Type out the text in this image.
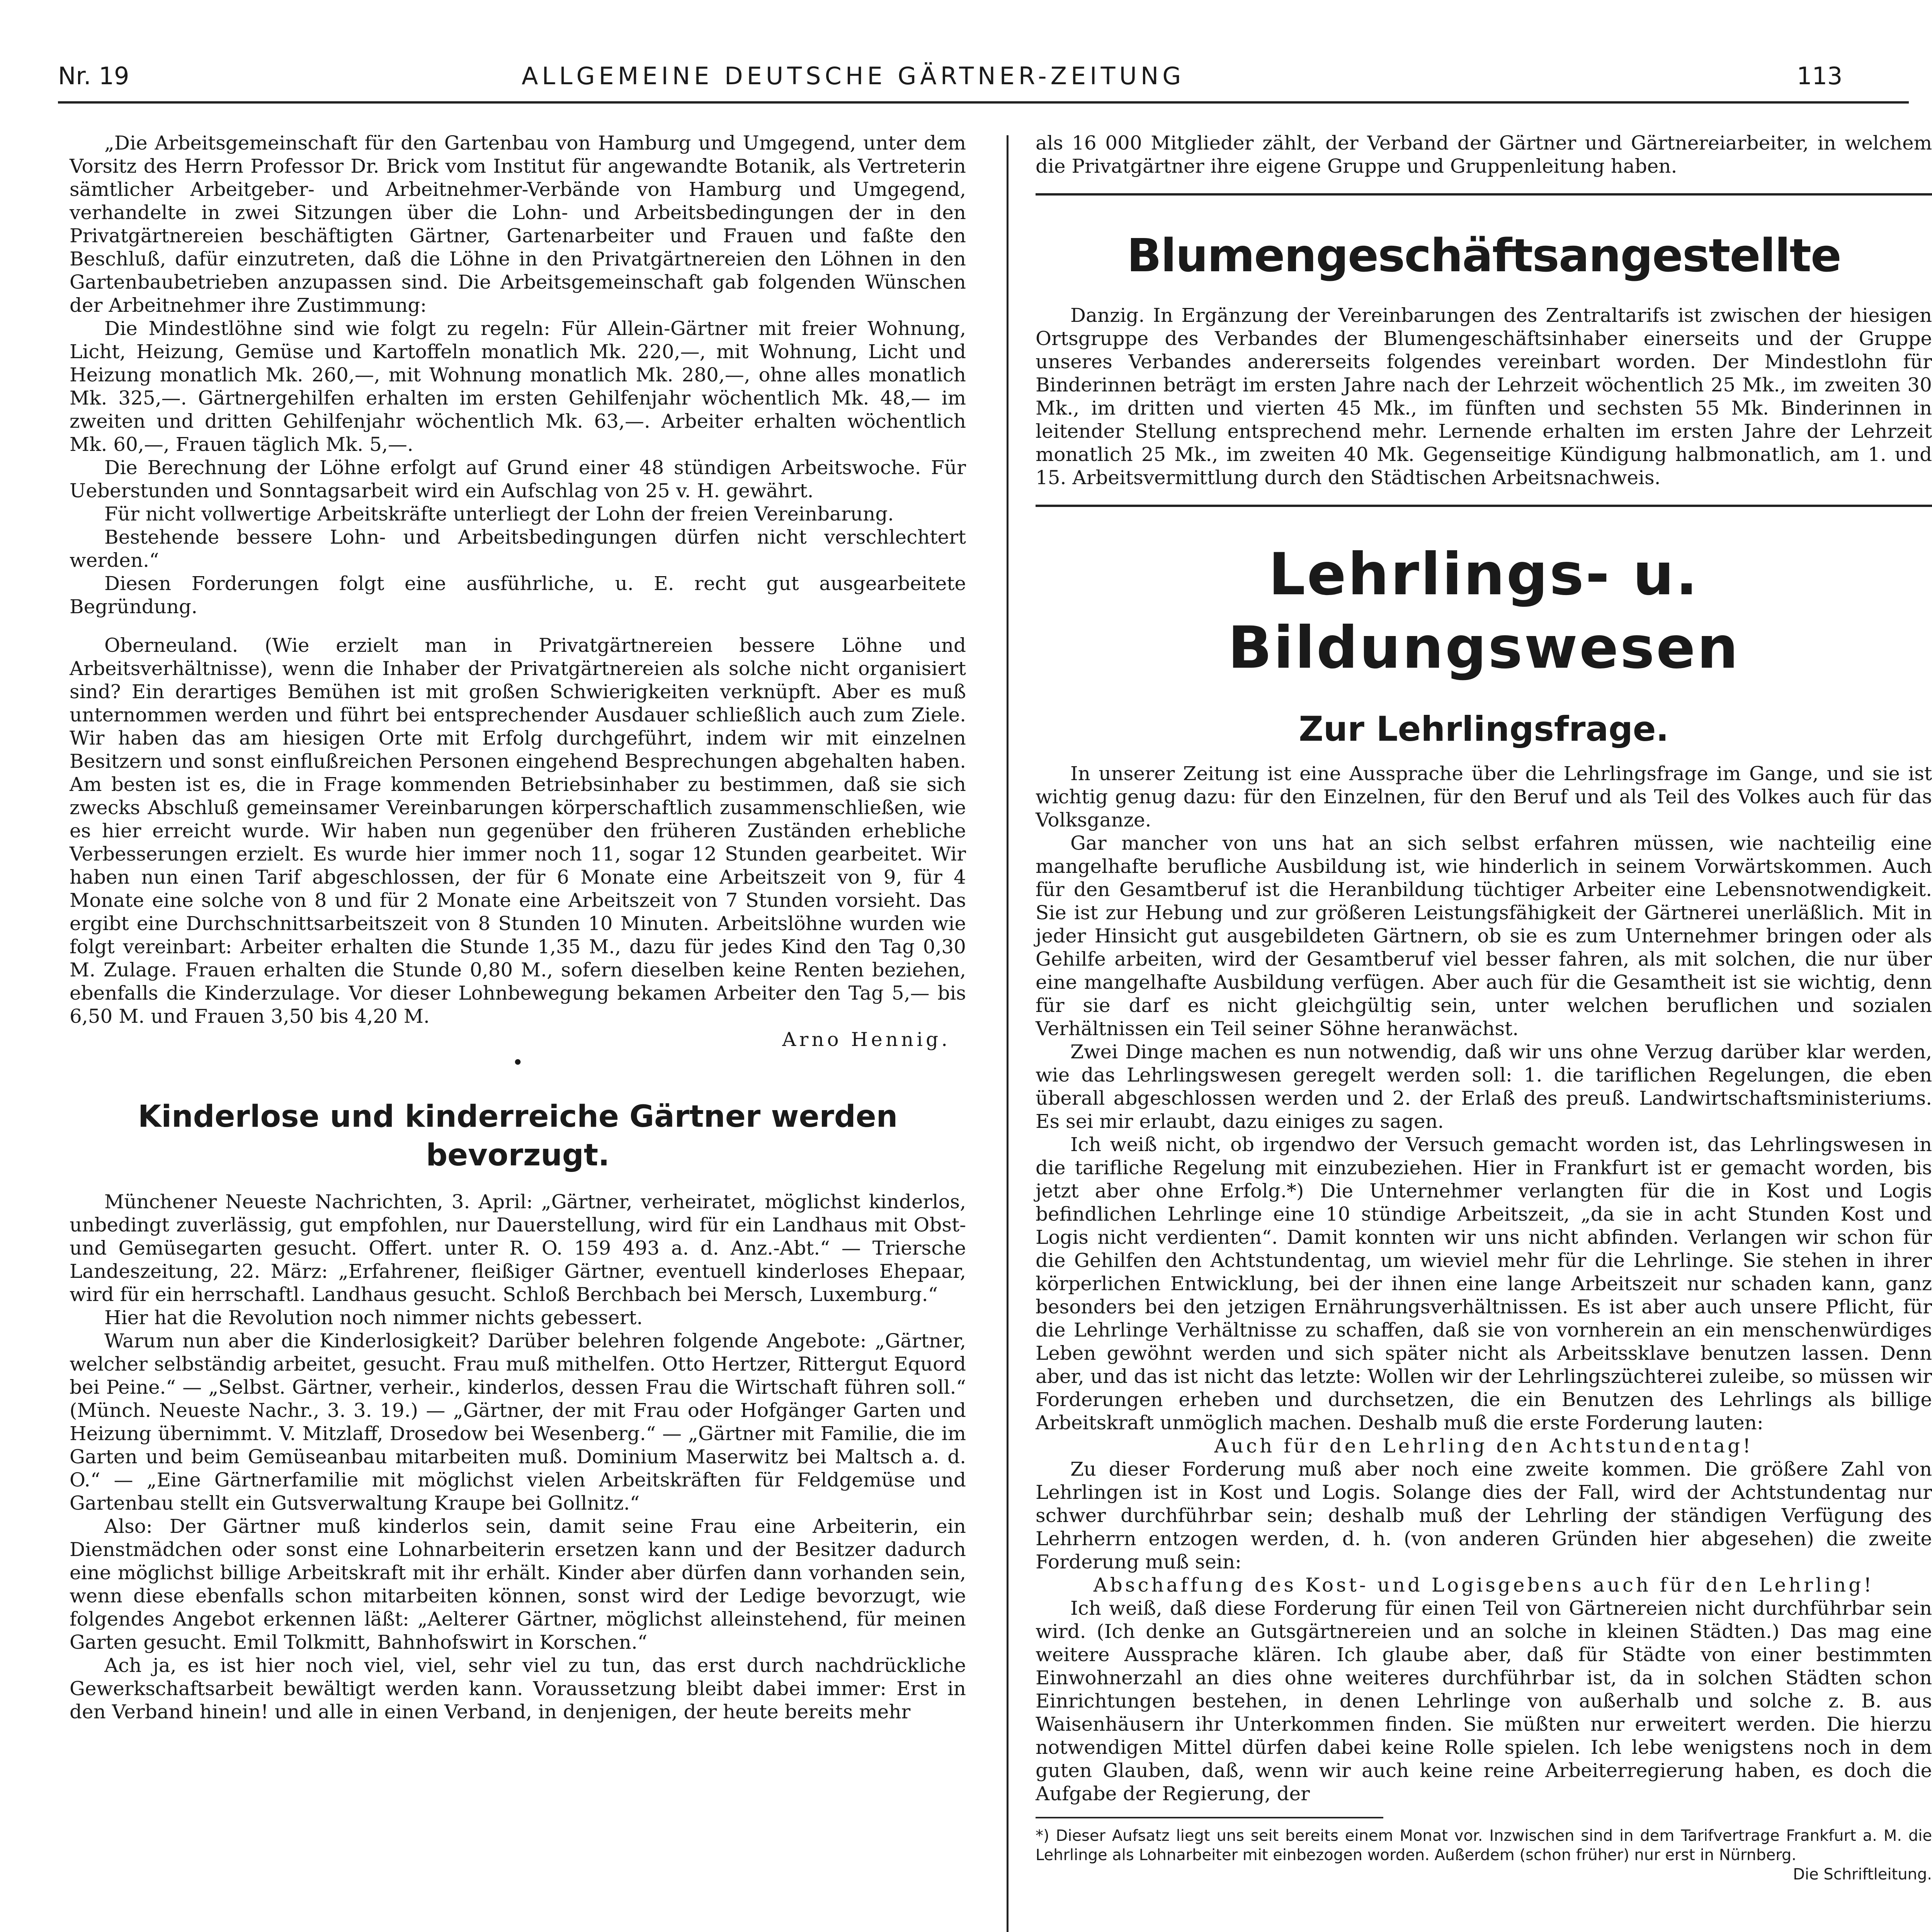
Nr. 19	ALLGEMEINE DEUTSCHE GÄRTNER-ZEITUNG	113

„Die Arbeitsgemeinschaft für den Gartenbau von Hamburg und Umgegend, unter dem Vorsitz des Herrn Professor Dr. Brick vom Institut für angewandte Botanik, als Vertreterin sämtlicher Arbeitgeber- und Arbeitnehmer-Verbände von Hamburg und Umgegend, verhandelte in zwei Sitzungen über die Lohn- und Arbeitsbedingungen der in den Privatgärtnereien beschäftigten Gärtner, Gartenarbeiter und Frauen und faßte den Beschluß, dafür einzutreten, daß die Löhne in den Privatgärtnereien den Löhnen in den Gartenbaubetrieben anzupassen sind. Die Arbeitsgemeinschaft gab folgenden Wünschen der Arbeitnehmer ihre Zustimmung:

Die Mindestlöhne sind wie folgt zu regeln: Für Allein-Gärtner mit freier Wohnung, Licht, Heizung, Gemüse und Kartoffeln monatlich Mk. 220,—, mit Wohnung, Licht und Heizung monatlich Mk. 260,—, mit Wohnung monatlich Mk. 280,—, ohne alles monatlich Mk. 325,—. Gärtnergehilfen erhalten im ersten Gehilfenjahr wöchentlich Mk. 48,— im zweiten und dritten Gehilfenjahr wöchentlich Mk. 63,—. Arbeiter erhalten wöchentlich Mk. 60,—, Frauen täglich Mk. 5,—.

Die Berechnung der Löhne erfolgt auf Grund einer 48 stündigen Arbeitswoche. Für Ueberstunden und Sonntagsarbeit wird ein Aufschlag von 25 v. H. gewährt.

Für nicht vollwertige Arbeitskräfte unterliegt der Lohn der freien Vereinbarung.

Bestehende bessere Lohn- und Arbeitsbedingungen dürfen nicht verschlechtert werden.“

Diesen Forderungen folgt eine ausführliche, u. E. recht gut ausgearbeitete Begründung.

Oberneuland. (Wie erzielt man in Privatgärtnereien bessere Löhne und Arbeitsverhältnisse), wenn die Inhaber der Privatgärtnereien als solche nicht organisiert sind? Ein derartiges Bemühen ist mit großen Schwierigkeiten verknüpft. Aber es muß unternommen werden und führt bei entsprechender Ausdauer schließlich auch zum Ziele. Wir haben das am hiesigen Orte mit Erfolg durchgeführt, indem wir mit einzelnen Besitzern und sonst einflußreichen Personen eingehend Besprechungen abgehalten haben. Am besten ist es, die in Frage kommenden Betriebsinhaber zu bestimmen, daß sie sich zwecks Abschluß gemeinsamer Vereinbarungen körperschaftlich zusammenschließen, wie es hier erreicht wurde. Wir haben nun gegenüber den früheren Zuständen erhebliche Verbesserungen erzielt. Es wurde hier immer noch 11, sogar 12 Stunden gearbeitet. Wir haben nun einen Tarif abgeschlossen, der für 6 Monate eine Arbeitszeit von 9, für 4 Monate eine solche von 8 und für 2 Monate eine Arbeitszeit von 7 Stunden vorsieht. Das ergibt eine Durchschnittsarbeitszeit von 8 Stunden 10 Minuten. Arbeitslöhne wurden wie folgt vereinbart: Arbeiter erhalten die Stunde 1,35 M., dazu für jedes Kind den Tag 0,30 M. Zulage. Frauen erhalten die Stunde 0,80 M., sofern dieselben keine Renten beziehen, ebenfalls die Kinderzulage. Vor dieser Lohnbewegung bekamen Arbeiter den Tag 5,— bis 6,50 M. und Frauen 3,50 bis 4,20 M.

Arno Hennig.

•

Kinderlose und kinderreiche Gärtner werden bevorzugt.

Münchener Neueste Nachrichten, 3. April: „Gärtner, verheiratet, möglichst kinderlos, unbedingt zuverlässig, gut empfohlen, nur Dauerstellung, wird für ein Landhaus mit Obst- und Gemüsegarten gesucht. Offert. unter R. O. 159 493 a. d. Anz.-Abt.“ — Triersche Landeszeitung, 22. März: „Erfahrener, fleißiger Gärtner, eventuell kinderloses Ehepaar, wird für ein herrschaftl. Landhaus gesucht. Schloß Berchbach bei Mersch, Luxemburg.“

Hier hat die Revolution noch nimmer nichts gebessert.

Warum nun aber die Kinderlosigkeit? Darüber belehren folgende Angebote: „Gärtner, welcher selbständig arbeitet, gesucht. Frau muß mithelfen. Otto Hertzer, Rittergut Equord bei Peine.“ — „Selbst. Gärtner, verheir., kinderlos, dessen Frau die Wirtschaft führen soll.“ (Münch. Neueste Nachr., 3. 3. 19.) — „Gärtner, der mit Frau oder Hofgänger Garten und Heizung übernimmt. V. Mitzlaff, Drosedow bei Wesenberg.“ — „Gärtner mit Familie, die im Garten und beim Gemüseanbau mitarbeiten muß. Dominium Maserwitz bei Maltsch a. d. O.“ — „Eine Gärtnerfamilie mit möglichst vielen Arbeitskräften für Feldgemüse und Gartenbau stellt ein Gutsverwaltung Kraupe bei Gollnitz.“

Also: Der Gärtner muß kinderlos sein, damit seine Frau eine Arbeiterin, ein Dienstmädchen oder sonst eine Lohnarbeiterin ersetzen kann und der Besitzer dadurch eine möglichst billige Arbeitskraft mit ihr erhält. Kinder aber dürfen dann vorhanden sein, wenn diese ebenfalls schon mitarbeiten können, sonst wird der Ledige bevorzugt, wie folgendes Angebot erkennen läßt: „Aelterer Gärtner, möglichst alleinstehend, für meinen Garten gesucht. Emil Tolkmitt, Bahnhofswirt in Korschen.“

Ach ja, es ist hier noch viel, viel, sehr viel zu tun, das erst durch nachdrückliche Gewerkschaftsarbeit bewältigt werden kann. Voraussetzung bleibt dabei immer: Erst in den Verband hinein! und alle in einen Verband, in denjenigen, der heute bereits mehr

als 16 000 Mitglieder zählt, der Verband der Gärtner und Gärtnereiarbeiter, in welchem die Privatgärtner ihre eigene Gruppe und Gruppenleitung haben.

Blumengeschäftsangestellte

Danzig. In Ergänzung der Vereinbarungen des Zentraltarifs ist zwischen der hiesigen Ortsgruppe des Verbandes der Blumengeschäftsinhaber einerseits und der Gruppe unseres Verbandes andererseits folgendes vereinbart worden. Der Mindestlohn für Binderinnen beträgt im ersten Jahre nach der Lehrzeit wöchentlich 25 Mk., im zweiten 30 Mk., im dritten und vierten 45 Mk., im fünften und sechsten 55 Mk. Binderinnen in leitender Stellung entsprechend mehr. Lernende erhalten im ersten Jahre der Lehrzeit monatlich 25 Mk., im zweiten 40 Mk. Gegenseitige Kündigung halbmonatlich, am 1. und 15. Arbeitsvermittlung durch den Städtischen Arbeitsnachweis.

Lehrlings- u. Bildungswesen
Zur Lehrlingsfrage.

In unserer Zeitung ist eine Aussprache über die Lehrlingsfrage im Gange, und sie ist wichtig genug dazu: für den Einzelnen, für den Beruf und als Teil des Volkes auch für das Volksganze.

Gar mancher von uns hat an sich selbst erfahren müssen, wie nachteilig eine mangelhafte berufliche Ausbildung ist, wie hinderlich in seinem Vorwärtskommen. Auch für den Gesamtberuf ist die Heranbildung tüchtiger Arbeiter eine Lebensnotwendigkeit. Sie ist zur Hebung und zur größeren Leistungsfähigkeit der Gärtnerei unerläßlich. Mit in jeder Hinsicht gut ausgebildeten Gärtnern, ob sie es zum Unternehmer bringen oder als Gehilfe arbeiten, wird der Gesamtberuf viel besser fahren, als mit solchen, die nur über eine mangelhafte Ausbildung verfügen. Aber auch für die Gesamtheit ist sie wichtig, denn für sie darf es nicht gleichgültig sein, unter welchen beruflichen und sozialen Verhältnissen ein Teil seiner Söhne heranwächst.

Zwei Dinge machen es nun notwendig, daß wir uns ohne Verzug darüber klar werden, wie das Lehrlingswesen geregelt werden soll: 1. die tariflichen Regelungen, die eben überall abgeschlossen werden und 2. der Erlaß des preuß. Landwirtschaftsministeriums. Es sei mir erlaubt, dazu einiges zu sagen.

Ich weiß nicht, ob irgendwo der Versuch gemacht worden ist, das Lehrlingswesen in die tarifliche Regelung mit einzubeziehen. Hier in Frankfurt ist er gemacht worden, bis jetzt aber ohne Erfolg.*) Die Unternehmer verlangten für die in Kost und Logis befindlichen Lehrlinge eine 10 stündige Arbeitszeit, „da sie in acht Stunden Kost und Logis nicht verdienten“. Damit konnten wir uns nicht abfinden. Verlangen wir schon für die Gehilfen den Achtstundentag, um wieviel mehr für die Lehrlinge. Sie stehen in ihrer körperlichen Entwicklung, bei der ihnen eine lange Arbeitszeit nur schaden kann, ganz besonders bei den jetzigen Ernährungsverhältnissen. Es ist aber auch unsere Pflicht, für die Lehrlinge Verhältnisse zu schaffen, daß sie von vornherein an ein menschenwürdiges Leben gewöhnt werden und sich später nicht als Arbeitssklave benutzen lassen. Denn aber, und das ist nicht das letzte: Wollen wir der Lehrlingszüchterei zuleibe, so müssen wir Forderungen erheben und durchsetzen, die ein Benutzen des Lehrlings als billige Arbeitskraft unmöglich machen. Deshalb muß die erste Forderung lauten:

Auch für den Lehrling den Achtstundentag!

Zu dieser Forderung muß aber noch eine zweite kommen. Die größere Zahl von Lehrlingen ist in Kost und Logis. Solange dies der Fall, wird der Achtstundentag nur schwer durchführbar sein; deshalb muß der Lehrling der ständigen Verfügung des Lehrherrn entzogen werden, d. h. (von anderen Gründen hier abgesehen) die zweite Forderung muß sein:

Abschaffung des Kost- und Logisgebens auch für den Lehrling!

Ich weiß, daß diese Forderung für einen Teil von Gärtnereien nicht durchführbar sein wird. (Ich denke an Gutsgärtnereien und an solche in kleinen Städten.) Das mag eine weitere Aussprache klären. Ich glaube aber, daß für Städte von einer bestimmten Einwohnerzahl an dies ohne weiteres durchführbar ist, da in solchen Städten schon Einrichtungen bestehen, in denen Lehrlinge von außerhalb und solche z. B. aus Waisenhäusern ihr Unterkommen finden. Sie müßten nur erweitert werden. Die hierzu notwendigen Mittel dürfen dabei keine Rolle spielen. Ich lebe wenigstens noch in dem guten Glauben, daß, wenn wir auch keine reine Arbeiterregierung haben, es doch die Aufgabe der Regierung, der

*) Dieser Aufsatz liegt uns seit bereits einem Monat vor. Inzwischen sind in dem Tarifvertrage Frankfurt a. M. die Lehrlinge als Lohnarbeiter mit einbezogen worden. Außerdem (schon früher) nur erst in Nürnberg.

Die Schriftleitung.
